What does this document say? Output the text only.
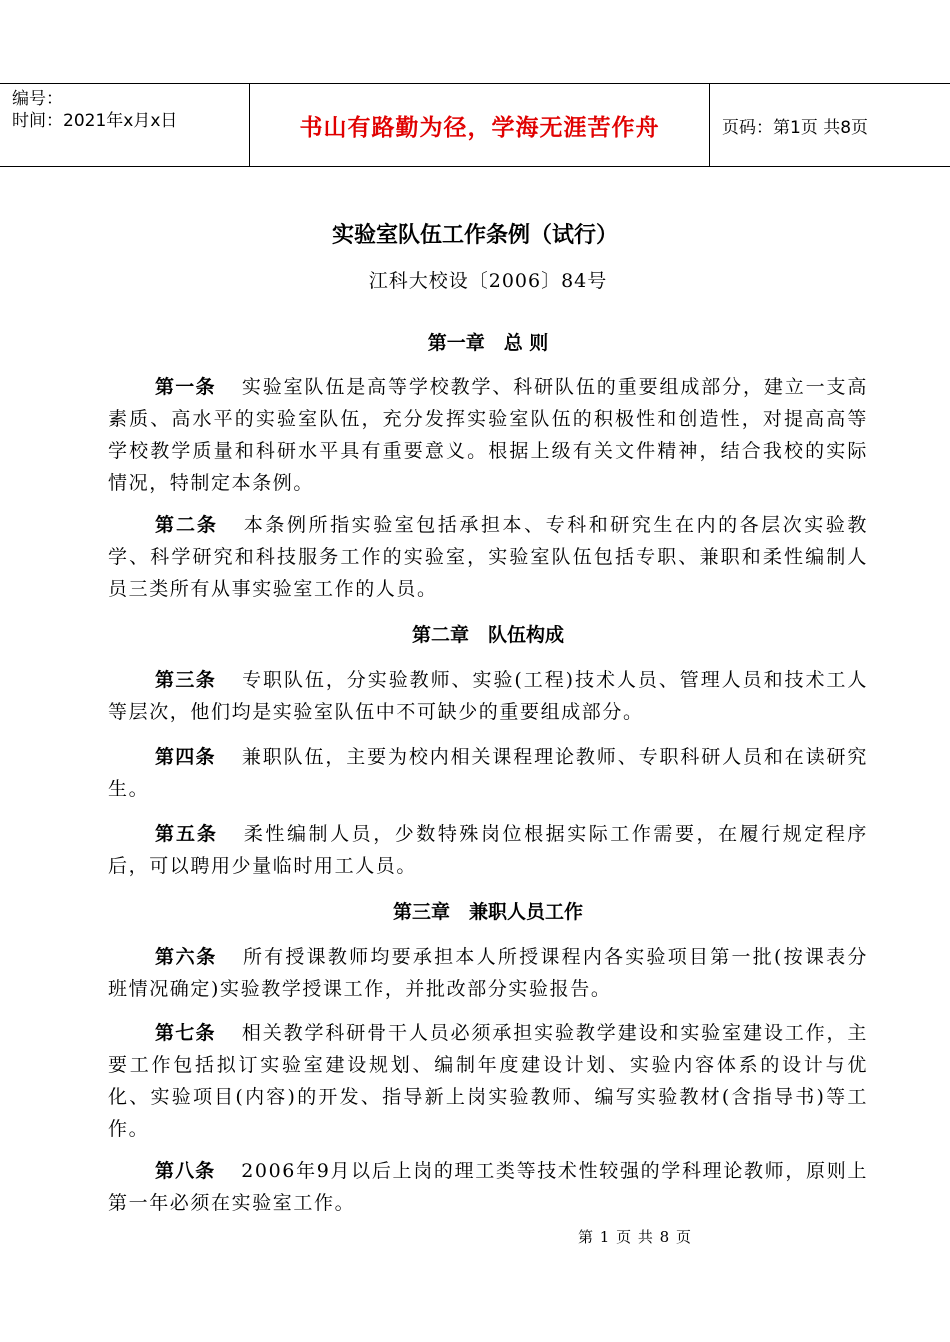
编号：
时间：2021年x月x日	书山有路勤为径，学海无涯苦作舟	页码：第1页 共8页
实验室队伍工作条例（试行）
江科大校设〔2006〕84号
第一章　总 则

第一条 实验室队伍是高等学校教学、科研队伍的重要组成部分，建立一支高素质、高水平的实验室队伍，充分发挥实验室队伍的积极性和创造性，对提高高等学校教学质量和科研水平具有重要意义。根据上级有关文件精神，结合我校的实际情况，特制定本条例。

第二条 本条例所指实验室包括承担本、专科和研究生在内的各层次实验教学、科学研究和科技服务工作的实验室，实验室队伍包括专职、兼职和柔性编制人员三类所有从事实验室工作的人员。

第二章　队伍构成

第三条 专职队伍，分实验教师、实验(工程)技术人员、管理人员和技术工人等层次，他们均是实验室队伍中不可缺少的重要组成部分。

第四条 兼职队伍，主要为校内相关课程理论教师、专职科研人员和在读研究生。

第五条 柔性编制人员，少数特殊岗位根据实际工作需要，在履行规定程序后，可以聘用少量临时用工人员。

第三章　兼职人员工作

第六条 所有授课教师均要承担本人所授课程内各实验项目第一批(按课表分班情况确定)实验教学授课工作，并批改部分实验报告。

第七条 相关教学科研骨干人员必须承担实验教学建设和实验室建设工作，主要工作包括拟订实验室建设规划、编制年度建设计划、实验内容体系的设计与优化、实验项目(内容)的开发、指导新上岗实验教师、编写实验教材(含指导书)等工作。

第八条 2006年9月以后上岗的理工类等技术性较强的学科理论教师，原则上第一年必须在实验室工作。

第 1 页 共 8 页
